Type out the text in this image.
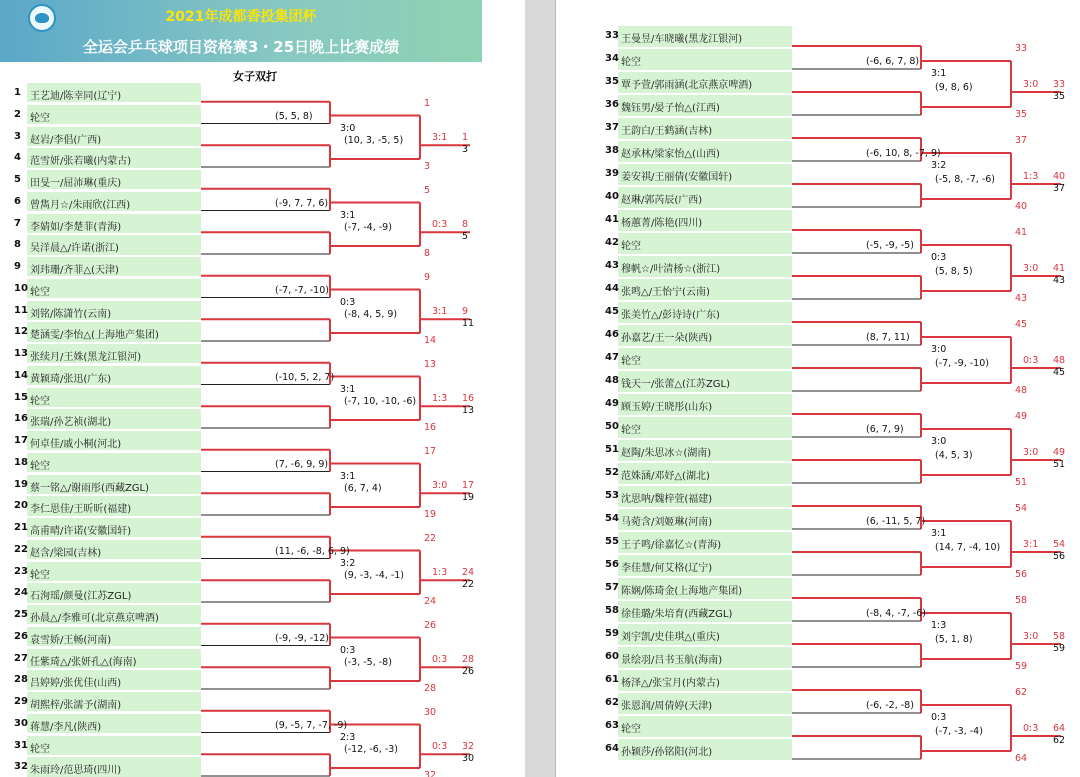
2021年成都香投集团杯
全运会乒乓球项目资格赛3・25日晚上比赛成绩
女子双打
1 王艺迪/陈幸同(辽宁)
2 轮空
3 赵岩/李倡(广西)
4 范雪妍/张若曦(内蒙古)
5 田旻一/屈沛琳(重庆)
6 曾雋月☆/朱雨欣(江西)
7 李婧如/李楚菲(青海)
8 吴洋晨△/许诺(浙江)
9 刘玮珊/齐菲△(天津)
10 轮空
11 刘铭/陈潇竹(云南)
12 楚涵雯/李怡△(上海地产集团)
13 张续月/王姝(黑龙江银河)
14 黄颖琦/张迅(广东)
15 轮空
16 张瑞/孙艺祯(湖北)
17 何卓佳/戚小桐(河北)
18 轮空
19 蔡一铭△/谢雨彤(西藏ZGL)
20 李仁思佳/王昕昕(福建)
21 高甫晴/许诺(安徽国轩)
22 赵含/梁园(吉林)
23 轮空
24 石洵瑶/颜曼(江苏ZGL)
25 孙晨△/李雅可(北京燕京啤酒)
26 袁雪娇/王畅(河南)
27 任紫琦△/张妍孔△(海南)
28 吕婷婷/张优佳(山西)
29 胡熙梓/张濡予(湖南)
30 蒋慧/李凡(陕西)
31 轮空
32 朱雨玲/范思琦(四川)
(5, 5, 8)
3:0
(10, 3, -5, 5)
1
3
3:1 1
3
(-9, 7, 7, 6)
3:1
(-7, -4, -9)
5
8
0:3 8
5
(-7, -7, -10)
0:3
(-8, 4, 5, 9)
9
14
3:1 9
11
(-10, 5, 2, 7)
3:1
(-7, 10, -10, -6)
13
16
1:3 16
13
(7, -6, 9, 9)
3:1
(6, 7, 4)
17
19
3:0 17
19
(11, -6, -8, 6, 9)
3:2
(9, -3, -4, -1)
22
24
1:3 24
22
(-9, -9, -12)
0:3
(-3, -5, -8)
26
28
0:3 28
26
(9, -5, 7, -7, -9)
2:3
(-12, -6, -3)
30
32
0:3 32
30
33 王曼昱/车晓曦(黑龙江银河)
34 轮空
35 覃予萱/郭雨涵(北京燕京啤酒)
36 魏钰男/晏子怡△(江西)
37 王韵白/王鹤涵(吉林)
38 赵承林/梁家怡△(山西)
39 姜安祺/王丽倩(安徽国轩)
40 赵琳/郭芮辰(广西)
41 杨蕙菁/陈艳(四川)
42 轮空
43 穆帆☆/叶清杨☆(浙江)
44 张鸣△/王怡宁(云南)
45 张美竹△/彭诗诗(广东)
46 孙嘉艺/王一朵(陕西)
47 轮空
48 钱天一/张蕾△(江苏ZGL)
49 顾玉婷/王晓彤(山东)
50 轮空
51 赵陶/朱思冰☆(湖南)
52 范姝涵/邓妤△(湖北)
53 沈思呐/魏梓萱(福建)
54 马菀含/刘姬琳(河南)
55 王子鸣/徐嘉忆☆(青海)
56 李佳慧/何艾格(辽宁)
57 陈娴/陈琦金(上海地产集团)
58 徐佳璐/朱培育(西藏ZGL)
59 刘宇凯/史佳琪△(重庆)
60 景绘羽/吕书玉航(海南)
61 杨泽△/张宝月(内蒙古)
62 张恩润/周倩婷(天津)
63 轮空
64 孙颖莎/孙铭阳(河北)
(-6, 6, 7, 8)
3:1
(9, 8, 6)
33
35
3:0 33
35
(-6, 10, 8, -7, 9)
3:2
(-5, 8, -7, -6)
37
40
1:3 40
37
(-5, -9, -5)
0:3
(5, 8, 5)
41
43
3:0 41
43
(8, 7, 11)
3:0
(-7, -9, -10)
45
48
0:3 48
45
(6, 7, 9)
3:0
(4, 5, 3)
49
51
3:0 49
51
(6, -11, 5, 7)
3:1
(14, 7, -4, 10)
54
56
3:1 54
56
(-8, 4, -7, -6)
1:3
(5, 1, 8)
58
59
3:0 58
59
(-6, -2, -8)
0:3
(-7, -3, -4)
62
64
0:3 64
62
